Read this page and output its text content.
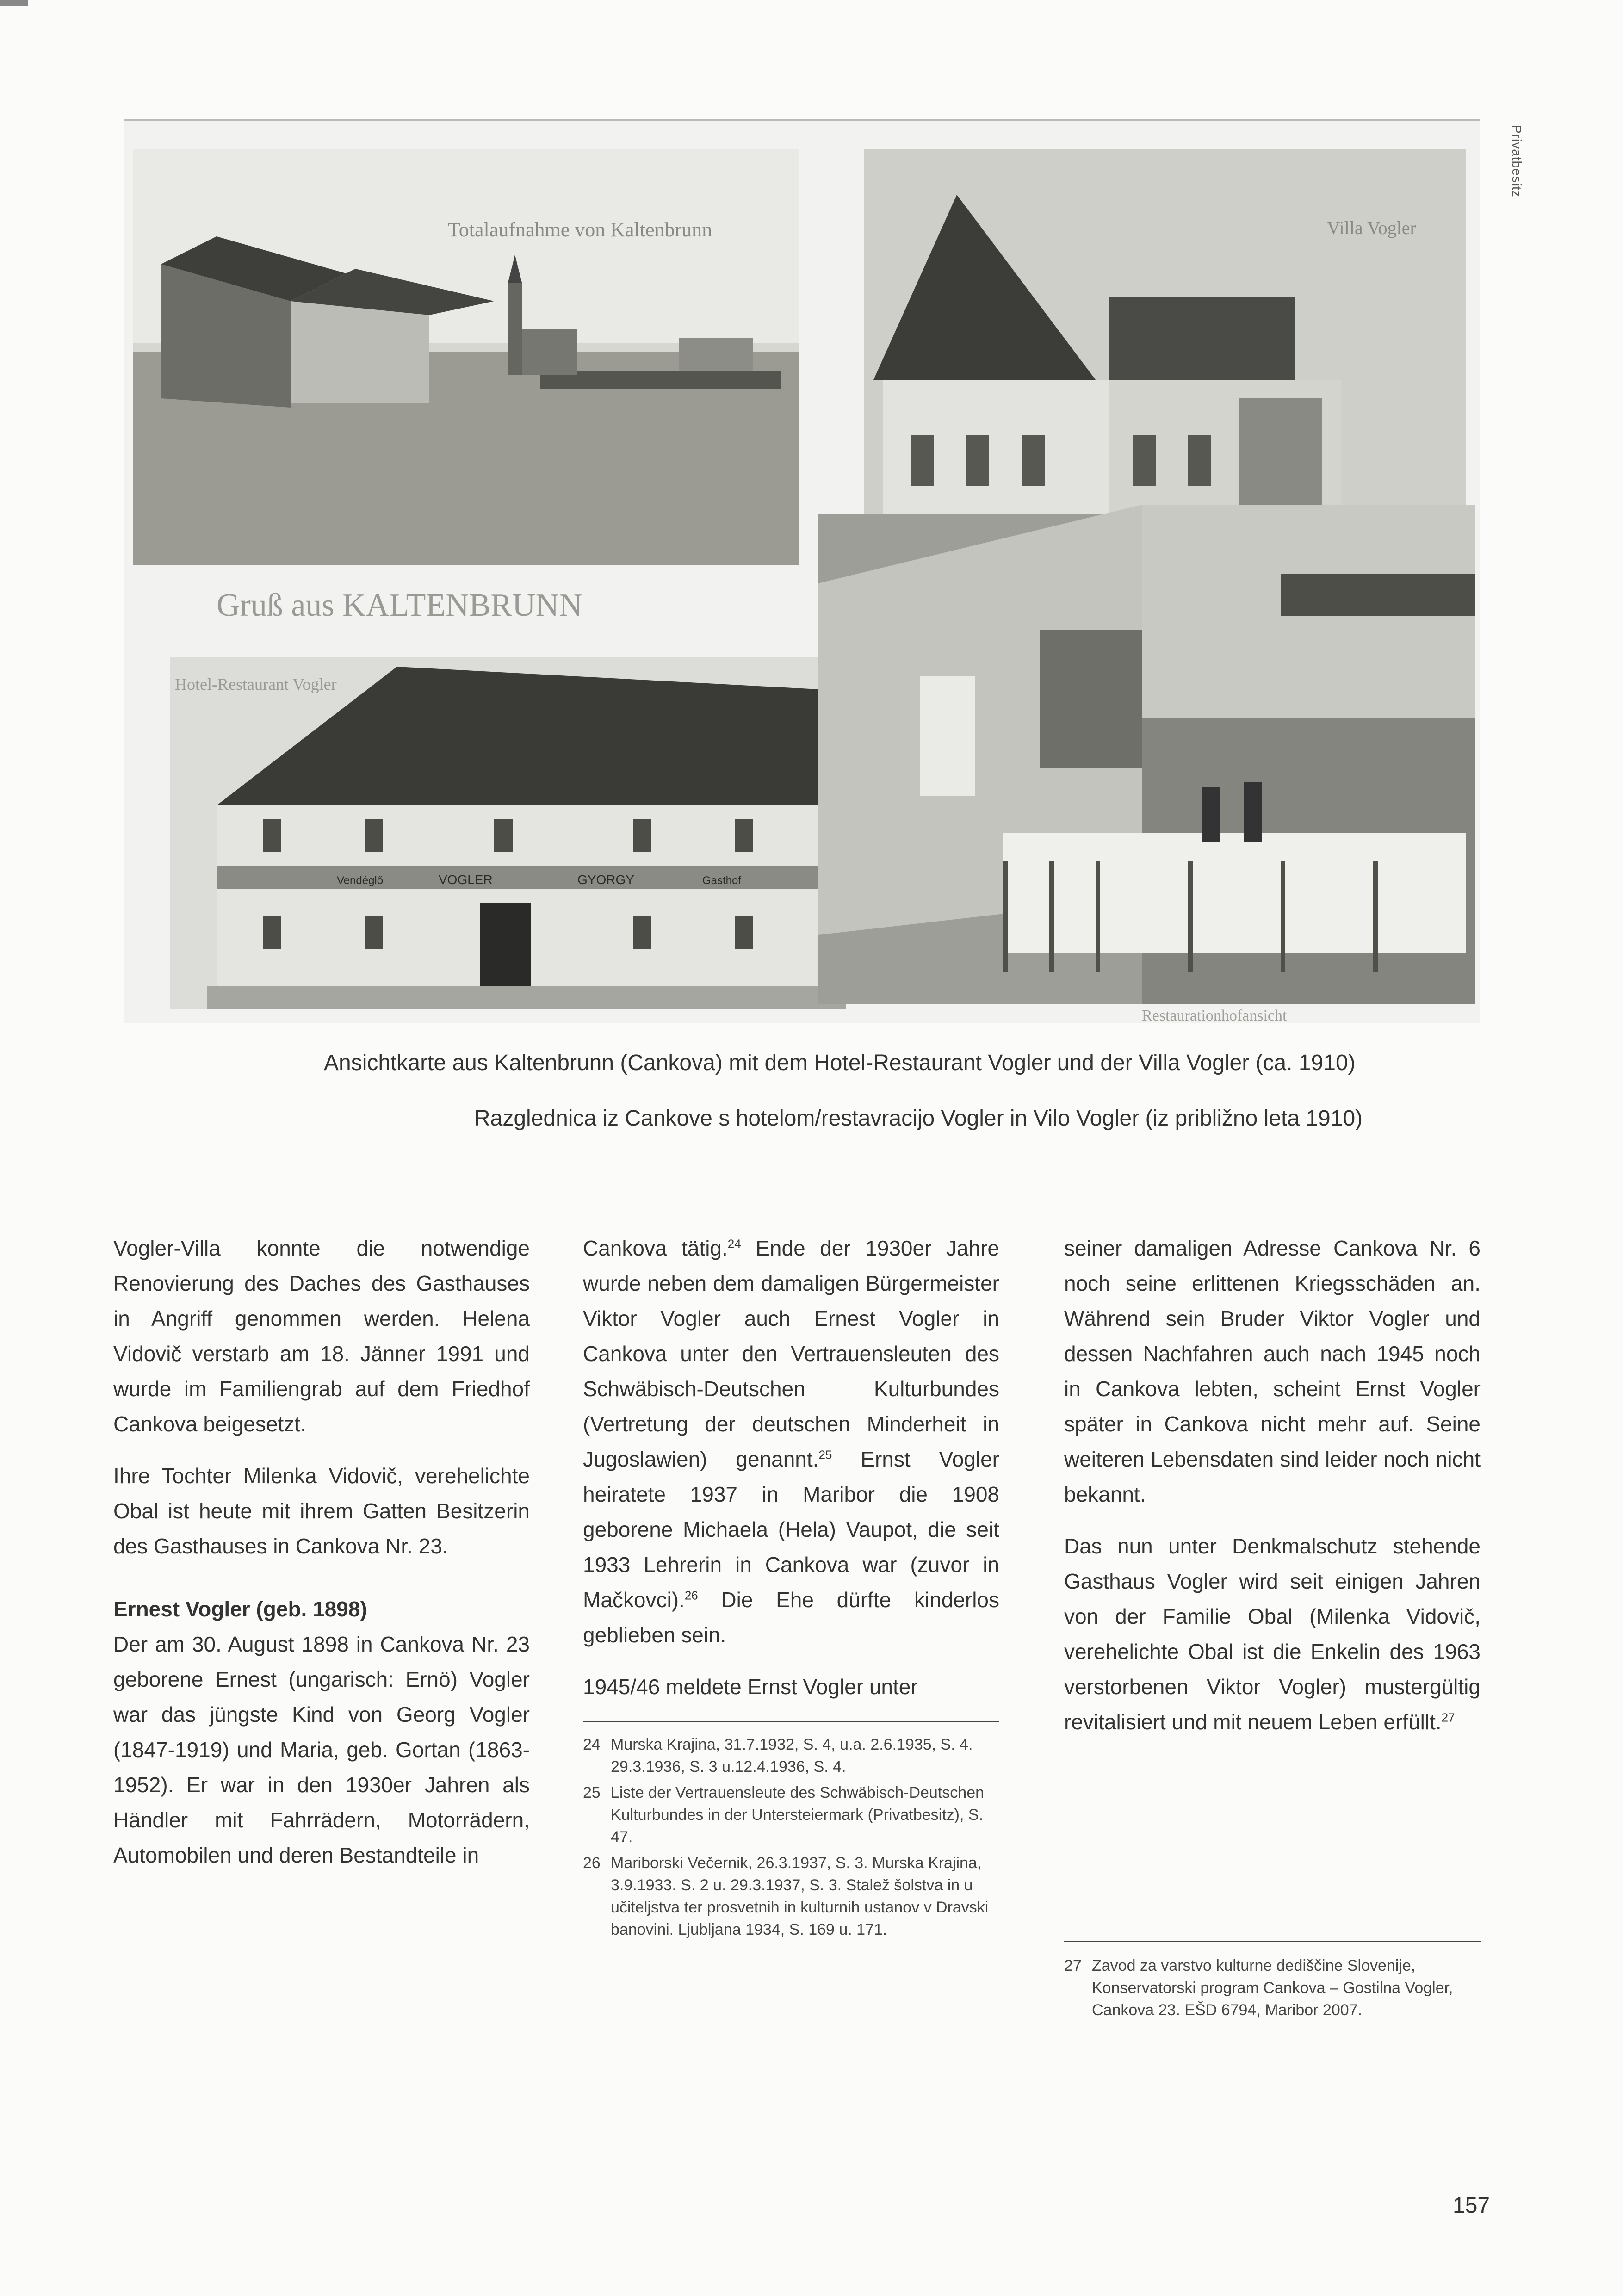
Privatbesitz
Totalaufnahme von Kaltenbrunn	Villa Vogler
Gruß aus KALTENBRUNN
Hotel-Restaurant Vogler
Vendéglő	VOGLER	GYORGY	Gasthof
Restaurationhofansicht
Ansichtkarte aus Kaltenbrunn (Cankova) mit dem Hotel-Restaurant Vogler und der Villa Vogler (ca. 1910)
Razglednica iz Cankove s hotelom/restavracijo Vogler in Vilo Vogler (iz približno leta 1910)

Vogler-Villa konnte die notwendige Renovierung des Daches des Gasthauses in Angriff genommen werden. Helena Vidovič verstarb am 18. Jänner 1991 und wurde im Familiengrab auf dem Friedhof Cankova beigesetzt.

Ihre Tochter Milenka Vidovič, verehelichte Obal ist heute mit ihrem Gatten Besitzerin des Gasthauses in Cankova Nr. 23.

Ernest Vogler (geb. 1898)

Der am 30. August 1898 in Cankova Nr. 23 geborene Ernest (ungarisch: Ernö) Vogler war das jüngste Kind von Georg Vogler (1847-1919) und Maria, geb. Gortan (1863-1952). Er war in den 1930er Jahren als Händler mit Fahrrädern, Motorrädern, Automobilen und deren Bestandteile in

Cankova tätig.$^{24}$ Ende der 1930er Jahre wurde neben dem damaligen Bürgermeister Viktor Vogler auch Ernest Vogler in Cankova unter den Vertrauensleuten des Schwäbisch-Deutschen Kulturbundes (Vertretung der deutschen Minderheit in Jugoslawien) genannt.$^{25}$ Ernst Vogler heiratete 1937 in Maribor die 1908 geborene Michaela (Hela) Vaupot, die seit 1933 Lehrerin in Cankova war (zuvor in Mačkovci).$^{26}$ Die Ehe dürfte kinderlos geblieben sein.

1945/46 meldete Ernst Vogler unter

24 Murska Krajina, 31.7.1932, S. 4, u.a. 2.6.1935, S. 4. 29.3.1936, S. 3 u.12.4.1936, S. 4.
25 Liste der Vertrauensleute des Schwäbisch-Deutschen Kulturbundes in der Untersteiermark (Privatbesitz), S. 47.
26 Mariborski Večernik, 26.3.1937, S. 3. Murska Krajina, 3.9.1933. S. 2 u. 29.3.1937, S. 3. Stalež šolstva in u učiteljstva ter prosvetnih in kulturnih ustanov v Dravski banovini. Ljubljana 1934, S. 169 u. 171.

seiner damaligen Adresse Cankova Nr. 6 noch seine erlittenen Kriegsschäden an. Während sein Bruder Viktor Vogler und dessen Nachfahren auch nach 1945 noch in Cankova lebten, scheint Ernst Vogler später in Cankova nicht mehr auf. Seine weiteren Lebensdaten sind leider noch nicht bekannt.

Das nun unter Denkmalschutz stehende Gasthaus Vogler wird seit einigen Jahren von der Familie Obal (Milenka Vidovič, verehelichte Obal ist die Enkelin des 1963 verstorbenen Viktor Vogler) mustergültig revitalisiert und mit neuem Leben erfüllt.$^{27}$

27 Zavod za varstvo kulturne dediščine Slovenije, Konservatorski program Cankova – Gostilna Vogler, Cankova 23. EŠD 6794, Maribor 2007.
157
